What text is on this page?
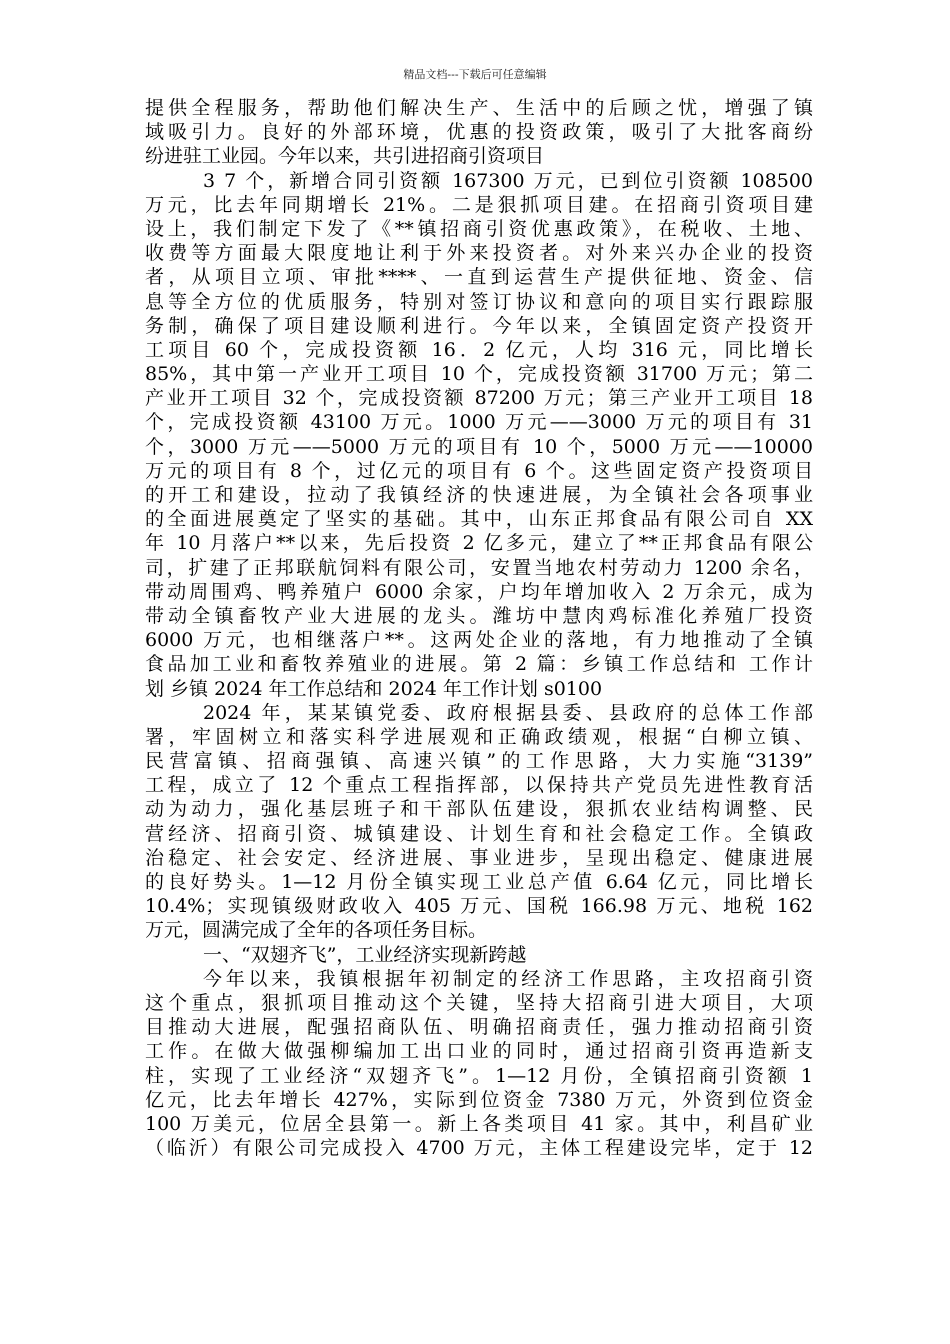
精品文档---下载后可任意编辑
提供全程服务，帮助他们解决生产、生活中的后顾之忧，增强了镇
域吸引力。良好的外部环境，优惠的投资政策，吸引了大批客商纷
纷进驻工业园。今年以来，共引进招商引资项目
3 7 个，新增合同引资额 167300 万元，已到位引资额 108500
万元，比去年同期增长 21%。二是狠抓项目建。在招商引资项目建
设上，我们制定下发了《**镇招商引资优惠政策》，在税收、土地、
收费等方面最大限度地让利于外来投资者。对外来兴办企业的投资
者，从项目立项、审批****、一直到运营生产提供征地、资金、信
息等全方位的优质服务，特别对签订协议和意向的项目实行跟踪服
务制，确保了项目建设顺利进行。今年以来，全镇固定资产投资开
工项目 60 个，完成投资额 16．2 亿元，人均 316 元，同比增长
85%，其中第一产业开工项目 10 个，完成投资额 31700 万元；第二
产业开工项目 32 个，完成投资额 87200 万元；第三产业开工项目 18
个，完成投资额 43100 万元。1000 万元——3000 万元的项目有 31
个，3000 万元——5000 万元的项目有 10 个，5000 万元——10000
万元的项目有 8 个，过亿元的项目有 6 个。这些固定资产投资项目
的开工和建设，拉动了我镇经济的快速进展，为全镇社会各项事业
的全面进展奠定了坚实的基础。其中，山东正邦食品有限公司自 XX
年 10 月落户**以来，先后投资 2 亿多元，建立了**正邦食品有限公
司，扩建了正邦联航饲料有限公司，安置当地农村劳动力 1200 余名，
带动周围鸡、鸭养殖户 6000 余家，户均年增加收入 2 万余元，成为
带动全镇畜牧产业大进展的龙头。潍坊中慧肉鸡标准化养殖厂投资
6000 万元，也相继落户**。这两处企业的落地，有力地推动了全镇
食品加工业和畜牧养殖业的进展。第 2 篇：乡镇工作总结和 工作计
划 乡镇 2024 年工作总结和 2024 年工作计划 s0100
2024 年，某某镇党委、政府根据县委、县政府的总体工作部
署，牢固树立和落实科学进展观和正确政绩观，根据“白柳立镇、
民营富镇、招商强镇、高速兴镇”的工作思路，大力实施“3139”
工程，成立了 12 个重点工程指挥部，以保持共产党员先进性教育活
动为动力，强化基层班子和干部队伍建设，狠抓农业结构调整、民
营经济、招商引资、城镇建设、计划生育和社会稳定工作。全镇政
治稳定、社会安定、经济进展、事业进步，呈现出稳定、健康进展
的良好势头。1—12 月份全镇实现工业总产值 6.64 亿元，同比增长
10.4%；实现镇级财政收入 405 万元、国税 166.98 万元、地税 162
万元，圆满完成了全年的各项任务目标。
一、“双翅齐飞”，工业经济实现新跨越
今年以来，我镇根据年初制定的经济工作思路，主攻招商引资
这个重点，狠抓项目推动这个关键，坚持大招商引进大项目，大项
目推动大进展，配强招商队伍、明确招商责任，强力推动招商引资
工作。在做大做强柳编加工出口业的同时，通过招商引资再造新支
柱，实现了工业经济“双翅齐飞”。1—12 月份，全镇招商引资额 1
亿元，比去年增长 427%，实际到位资金 7380 万元，外资到位资金
100 万美元，位居全县第一。新上各类项目 41 家。其中，利昌矿业
（临沂）有限公司完成投入 4700 万元，主体工程建设完毕，定于 12
